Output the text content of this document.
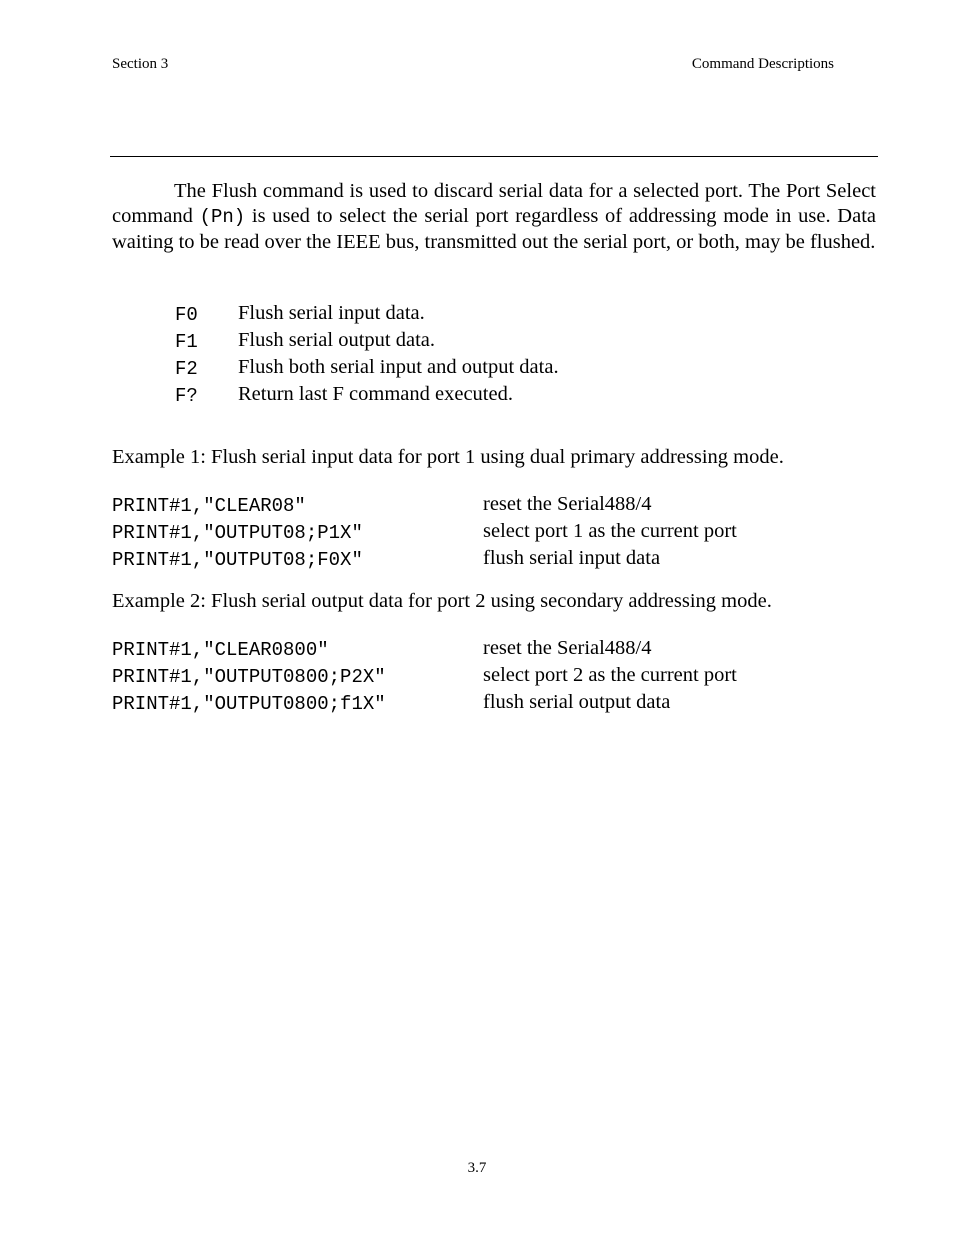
Section 3	Command Descriptions

The Flush command is used to discard serial data for a selected port. The Port Select command (Pn) is used to select the serial port regardless of addressing mode in use. Data waiting to be read over the IEEE bus, transmitted out the serial port, or both, may be flushed.

F0	Flush serial input data.
F1	Flush serial output data.
F2	Flush both serial input and output data.
F?	Return last F command executed.
Example 1: Flush serial input data for port 1 using dual primary addressing mode.
PRINT#1,"CLEAR08"	reset the Serial488/4
PRINT#1,"OUTPUT08;P1X"	select port 1 as the current port
PRINT#1,"OUTPUT08;F0X"	flush serial input data
Example 2: Flush serial output data for port 2 using secondary addressing mode.
PRINT#1,"CLEAR0800"	reset the Serial488/4
PRINT#1,"OUTPUT0800;P2X"	select port 2 as the current port
PRINT#1,"OUTPUT0800;f1X"	flush serial output data
3.7
